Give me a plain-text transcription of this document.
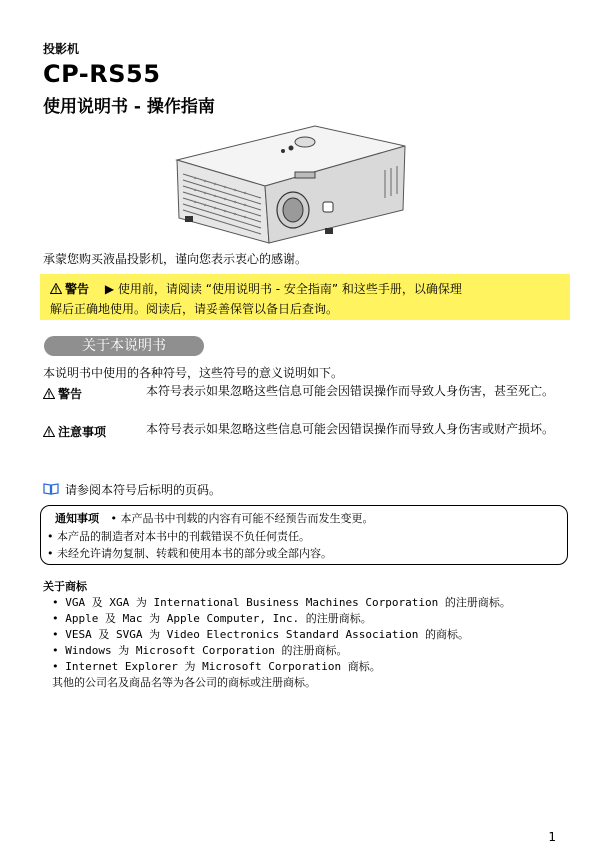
投影机
CP-RS55
使用说明书 - 操作指南
承蒙您购买液晶投影机，谨向您表示衷心的感谢。
警告 ▶ 使用前，请阅读 “使用说明书 - 安全指南” 和这些手册，以确保理
解后正确地使用。阅读后，请妥善保管以备日后查询。
关于本说明书
本说明书中使用的各种符号，这些符号的意义说明如下。
警告	本符号表示如果忽略这些信息可能会因错误操作而导致人身伤害，甚至死亡。
注意事项	本符号表示如果忽略这些信息可能会因错误操作而导致人身伤害或财产损坏。
请参阅本符号后标明的页码。
通知事项 • 本产品书中刊载的内容有可能不经预告而发生变更。
• 本产品的制造者对本书中的刊载错误不负任何责任。
• 未经允许请勿复制、转载和使用本书的部分或全部内容。
关于商标
• VGA 及 XGA 为 International Business Machines Corporation 的注册商标。
• Apple 及 Mac 为 Apple Computer, Inc. 的注册商标。
• VESA 及 SVGA 为 Video Electronics Standard Association 的商标。
• Windows 为 Microsoft Corporation 的注册商标。
• Internet Explorer 为 Microsoft Corporation 商标。
其他的公司名及商品名等为各公司的商标或注册商标。
1
